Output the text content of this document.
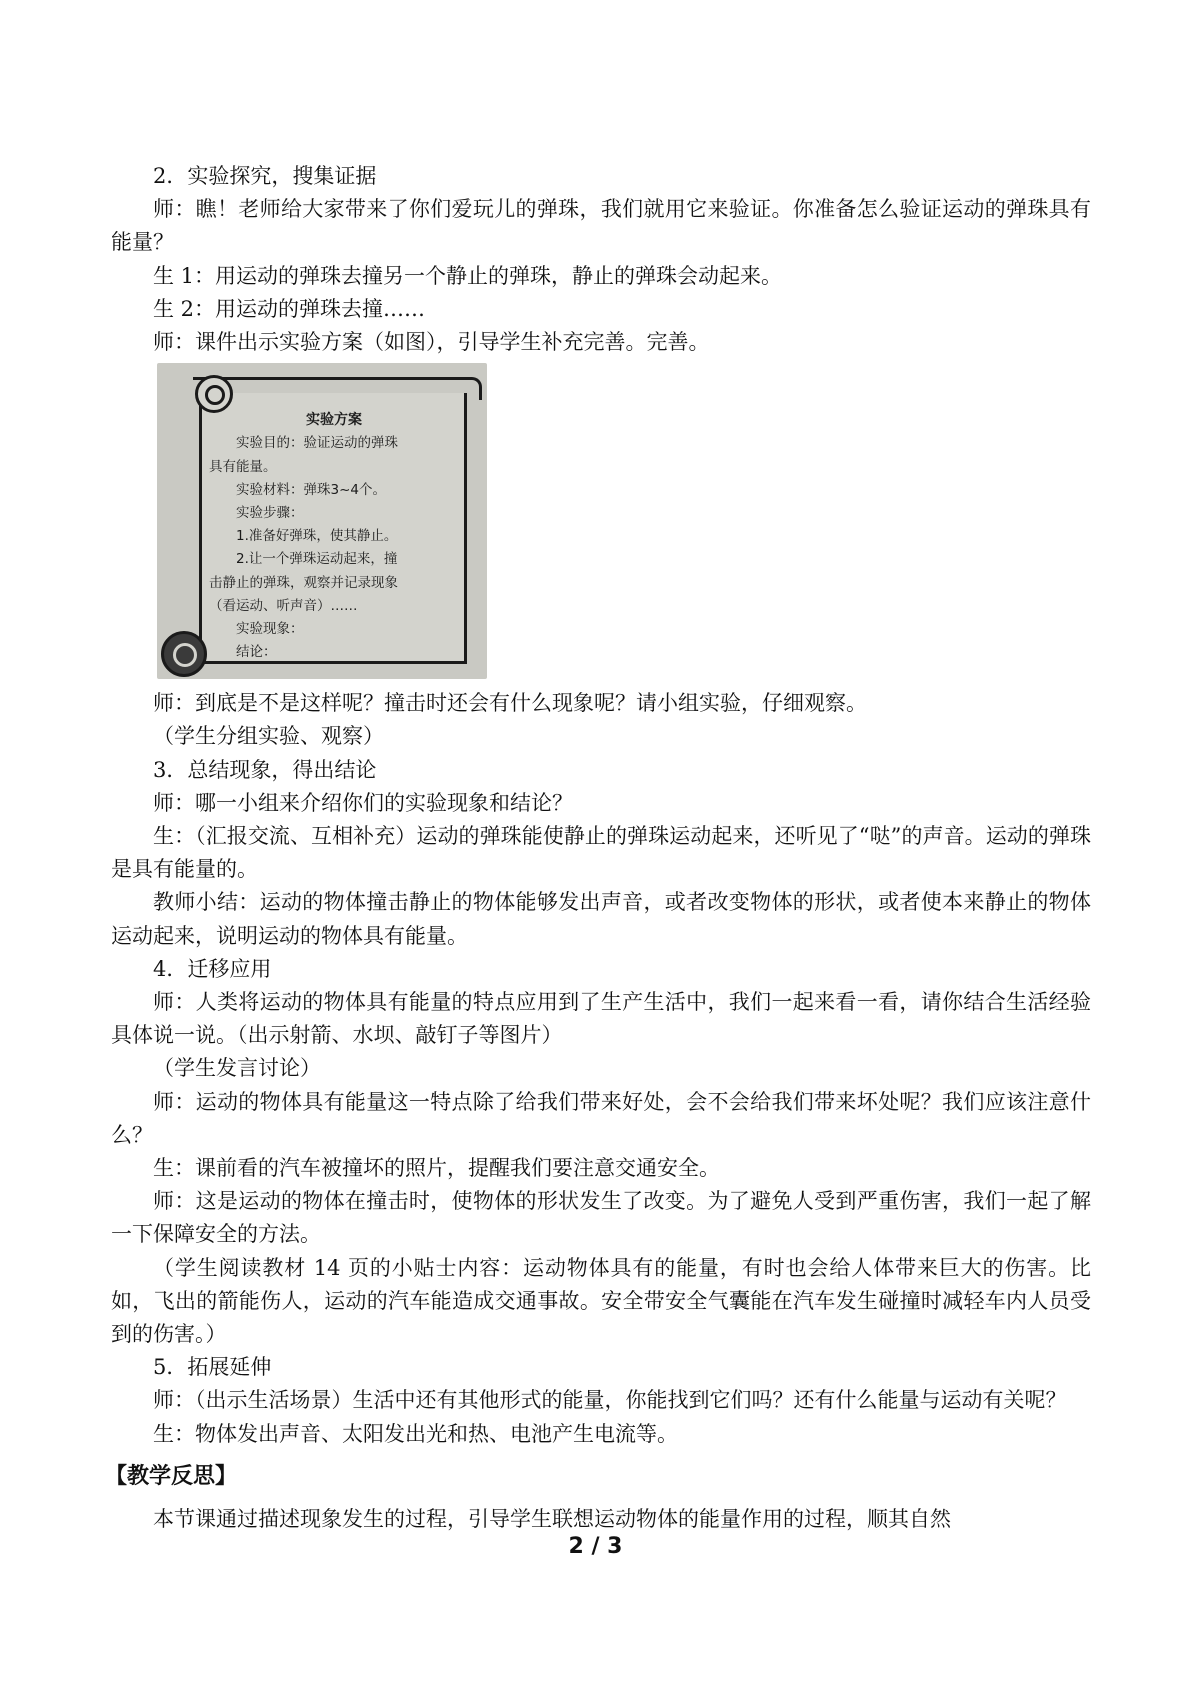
2．实验探究，搜集证据

师：瞧！老师给大家带来了你们爱玩儿的弹珠，我们就用它来验证。你准备怎么验证运动的弹珠具有能量？

生 1：用运动的弹珠去撞另一个静止的弹珠，静止的弹珠会动起来。

生 2：用运动的弹珠去撞……

师：课件出示实验方案（如图），引导学生补充完善。完善。

实验方案
实验目的：验证运动的弹珠
具有能量。
实验材料：弹珠3~4个。
实验步骤：
1.准备好弹珠，使其静止。
2.让一个弹珠运动起来，撞
击静止的弹珠，观察并记录现象
（看运动、听声音）……
实验现象：
结论：

师：到底是不是这样呢？撞击时还会有什么现象呢？请小组实验，仔细观察。

（学生分组实验、观察）

3．总结现象，得出结论

师：哪一小组来介绍你们的实验现象和结论？

生：（汇报交流、互相补充）运动的弹珠能使静止的弹珠运动起来，还听见了“哒”的声音。运动的弹珠是具有能量的。

教师小结：运动的物体撞击静止的物体能够发出声音，或者改变物体的形状，或者使本来静止的物体运动起来，说明运动的物体具有能量。

4．迁移应用

师：人类将运动的物体具有能量的特点应用到了生产生活中，我们一起来看一看，请你结合生活经验具体说一说。（出示射箭、水坝、敲钉子等图片）

（学生发言讨论）

师：运动的物体具有能量这一特点除了给我们带来好处，会不会给我们带来坏处呢？我们应该注意什么？

生：课前看的汽车被撞坏的照片，提醒我们要注意交通安全。

师：这是运动的物体在撞击时，使物体的形状发生了改变。为了避免人受到严重伤害，我们一起了解一下保障安全的方法。

（学生阅读教材 14 页的小贴士内容：运动物体具有的能量，有时也会给人体带来巨大的伤害。比如，飞出的箭能伤人，运动的汽车能造成交通事故。安全带安全气囊能在汽车发生碰撞时减轻车内人员受到的伤害。）

5．拓展延伸

师：（出示生活场景）生活中还有其他形式的能量，你能找到它们吗？还有什么能量与运动有关呢？

生：物体发出声音、太阳发出光和热、电池产生电流等。

【教学反思】

本节课通过描述现象发生的过程，引导学生联想运动物体的能量作用的过程，顺其自然

2 / 3
